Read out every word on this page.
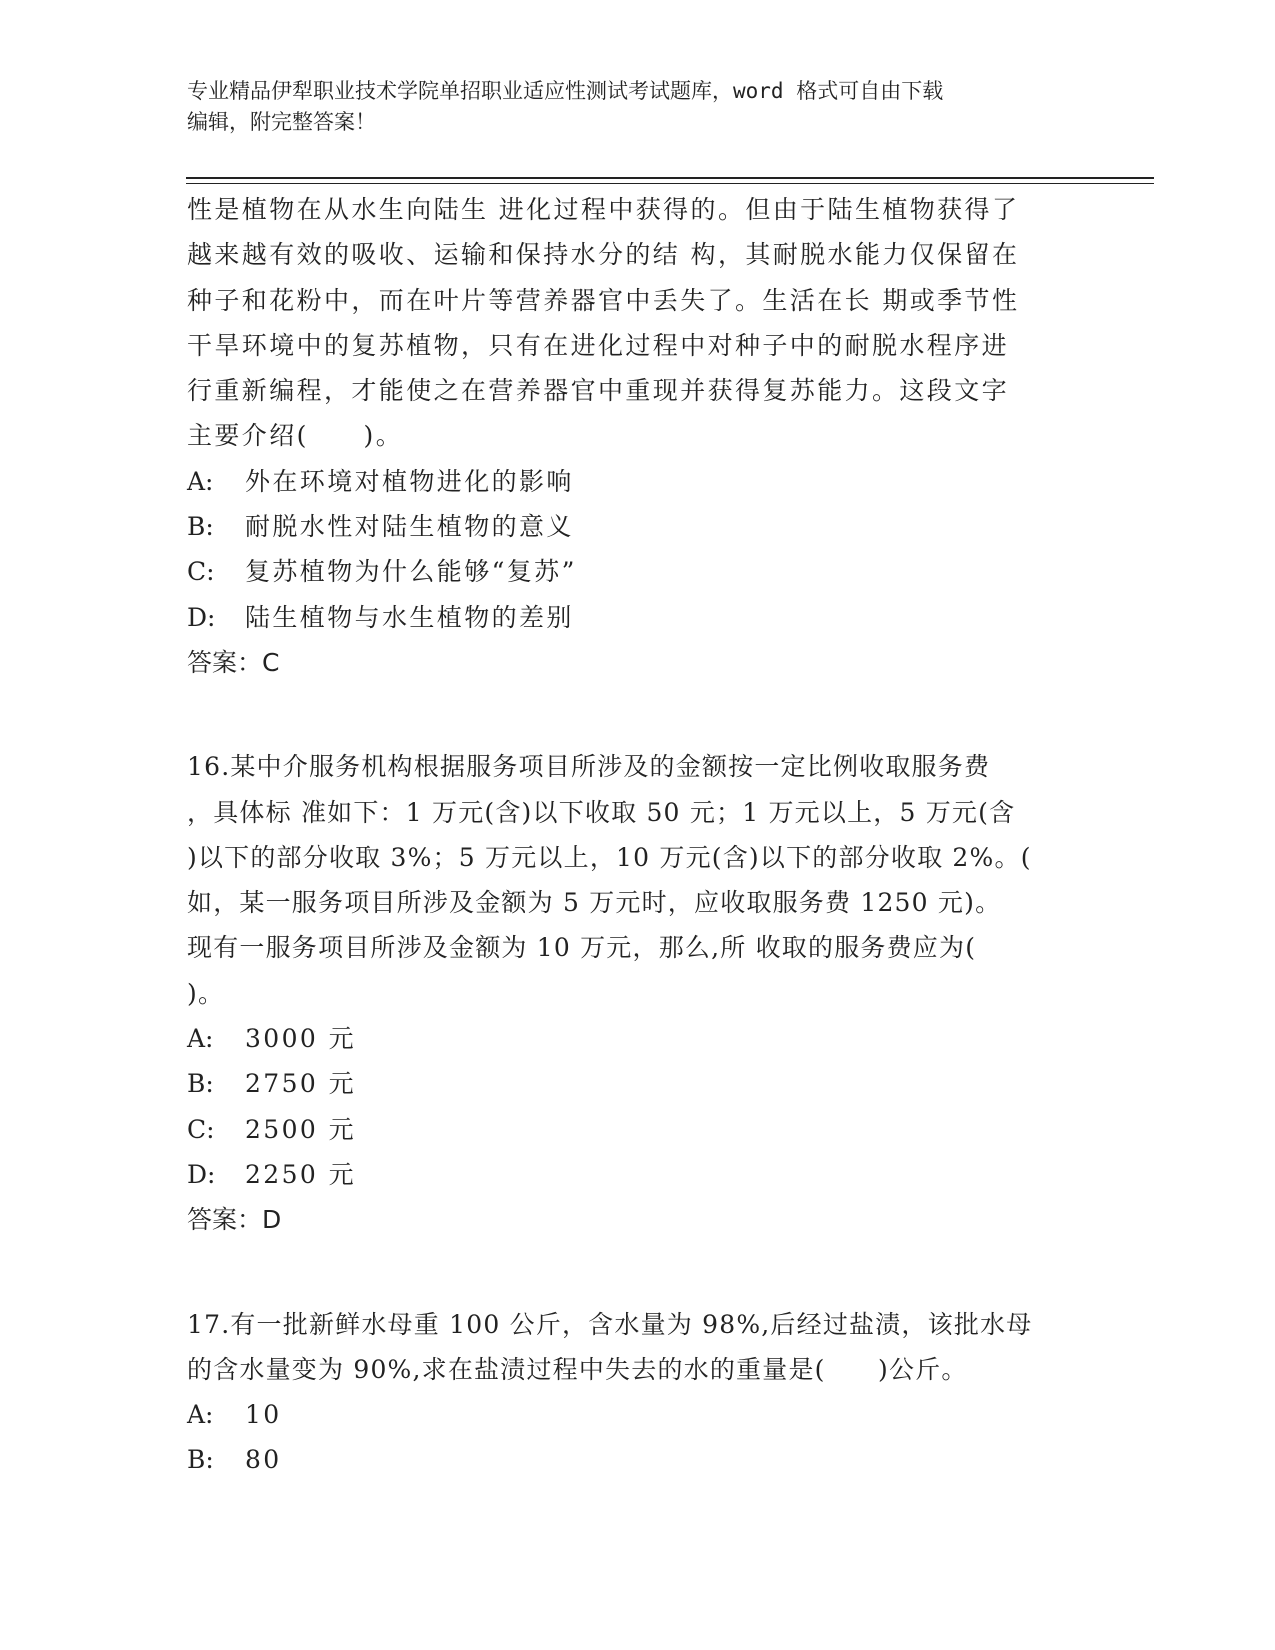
专业精品伊犁职业技术学院单招职业适应性测试考试题库，word 格式可自由下载
编辑，附完整答案！
性是植物在从水生向陆生 进化过程中获得的。但由于陆生植物获得了
越来越有效的吸收、运输和保持水分的结 构，其耐脱水能力仅保留在
种子和花粉中，而在叶片等营养器官中丢失了。生活在长 期或季节性
干旱环境中的复苏植物，只有在进化过程中对种子中的耐脱水程序进
行重新编程，才能使之在营养器官中重现并获得复苏能力。这段文字
主要介绍(　　)。
A: 外在环境对植物进化的影响
B: 耐脱水性对陆生植物的意义
C: 复苏植物为什么能够“复苏”
D: 陆生植物与水生植物的差别
答案：C
16.某中介服务机构根据服务项目所涉及的金额按一定比例收取服务费
，具体标 准如下：1 万元(含)以下收取 50 元；1 万元以上，5 万元(含
)以下的部分收取 3%；5 万元以上，10 万元(含)以下的部分收取 2%。(
如，某一服务项目所涉及金额为 5 万元时，应收取服务费 1250 元)。
现有一服务项目所涉及金额为 10 万元，那么,所 收取的服务费应为(
)。
A: 3000 元
B: 2750 元
C: 2500 元
D: 2250 元
答案：D
17.有一批新鲜水母重 100 公斤，含水量为 98%,后经过盐渍，该批水母
的含水量变为 90%,求在盐渍过程中失去的水的重量是(　　)公斤。
A: 10
B: 80
